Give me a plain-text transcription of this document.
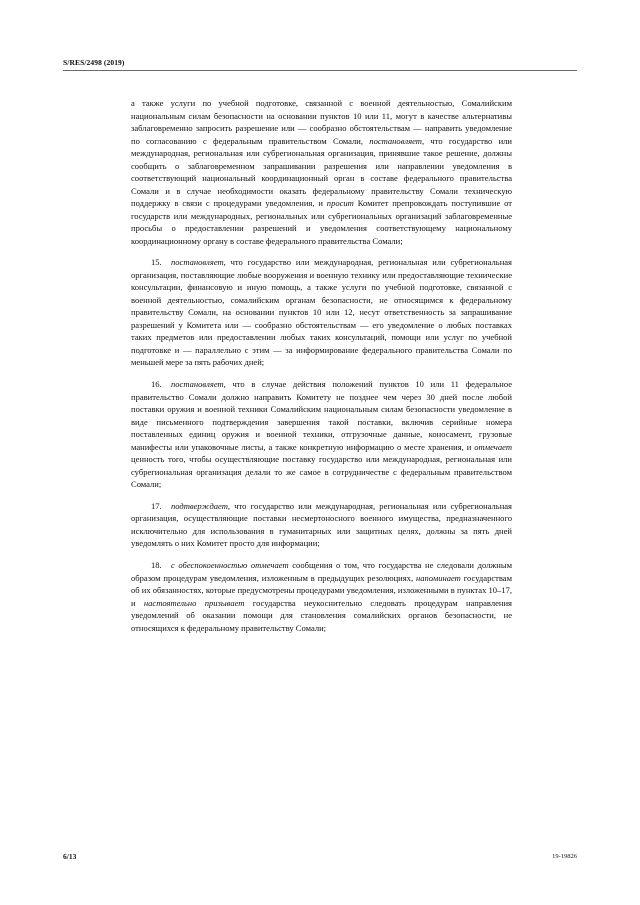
S/RES/2498 (2019)

а также услуги по учебной подготовке, связанной с военной деятельностью, Сомалийским национальным силам безопасности на основании пунктов 10 или 11, могут в качестве альтернативы заблаговременно запросить разрешение или — сообразно обстоятельствам — направить уведомление по согласованию с федеральным правительством Сомали, постановляет, что государство или международная, региональная или субрегиональная организация, принявшие такое решение, должны сообщить о заблаговременном запрашивании разрешения или направлении уведомления в соответствующий национальный координационный орган в составе федерального правительства Сомали и в случае необходимости оказать федеральному правительству Сомали техническую поддержку в связи с процедурами уведомления, и просит Комитет препровождать поступившие от государств или международных, региональных или субрегиональных организаций заблаговременные просьбы о предоставлении разрешений и уведомления соответствующему национальному координационному органу в составе федерального правительства Сомали;

15. постановляет, что государство или международная, региональная или субрегиональная организация, поставляющие любые вооружения и военную технику или предоставляющие технические консультации, финансовую и иную помощь, а также услуги по учебной подготовке, связанной с военной деятельностью, сомалийским органам безопасности, не относящимся к федеральному правительству Сомали, на основании пунктов 10 или 12, несут ответственность за запрашивание разрешений у Комитета или — сообразно обстоятельствам — его уведомление о любых поставках таких предметов или предоставлении любых таких консультаций, помощи или услуг по учебной подготовке и — параллельно с этим — за информирование федерального правительства Сомали по меньшей мере за пять рабочих дней;

16. постановляет, что в случае действия положений пунктов 10 или 11 федеральное правительство Сомали должно направить Комитету не позднее чем через 30 дней после любой поставки оружия и военной техники Сомалийским национальным силам безопасности уведомление в виде письменного подтверждения завершения такой поставки, включив серийные номера поставленных единиц оружия и военной техники, отгрузочные данные, коносамент, грузовые манифесты или упаковочные листы, а также конкретную информацию о месте хранения, и отмечает ценность того, чтобы осуществляющие поставку государство или международная, региональная или субрегиональная организация делали то же самое в сотрудничестве с федеральным правительством Сомали;

17. подтверждает, что государство или международная, региональная или субрегиональная организация, осуществляющие поставки несмертоносного военного имущества, предназначенного исключительно для использования в гуманитарных или защитных целях, должны за пять дней уведомлять о них Комитет просто для информации;

18. с обеспокоенностью отмечает сообщения о том, что государства не следовали должным образом процедурам уведомления, изложенным в предыдущих резолюциях, напоминает государствам об их обязанностях, которые предусмотрены процедурами уведомления, изложенными в пунктах 10–17, и настоятельно призывает государства неукоснительно следовать процедурам направления уведомлений об оказании помощи для становления сомалийских органов безопасности, не относящихся к федеральному правительству Сомали;

6/13	19-19826
